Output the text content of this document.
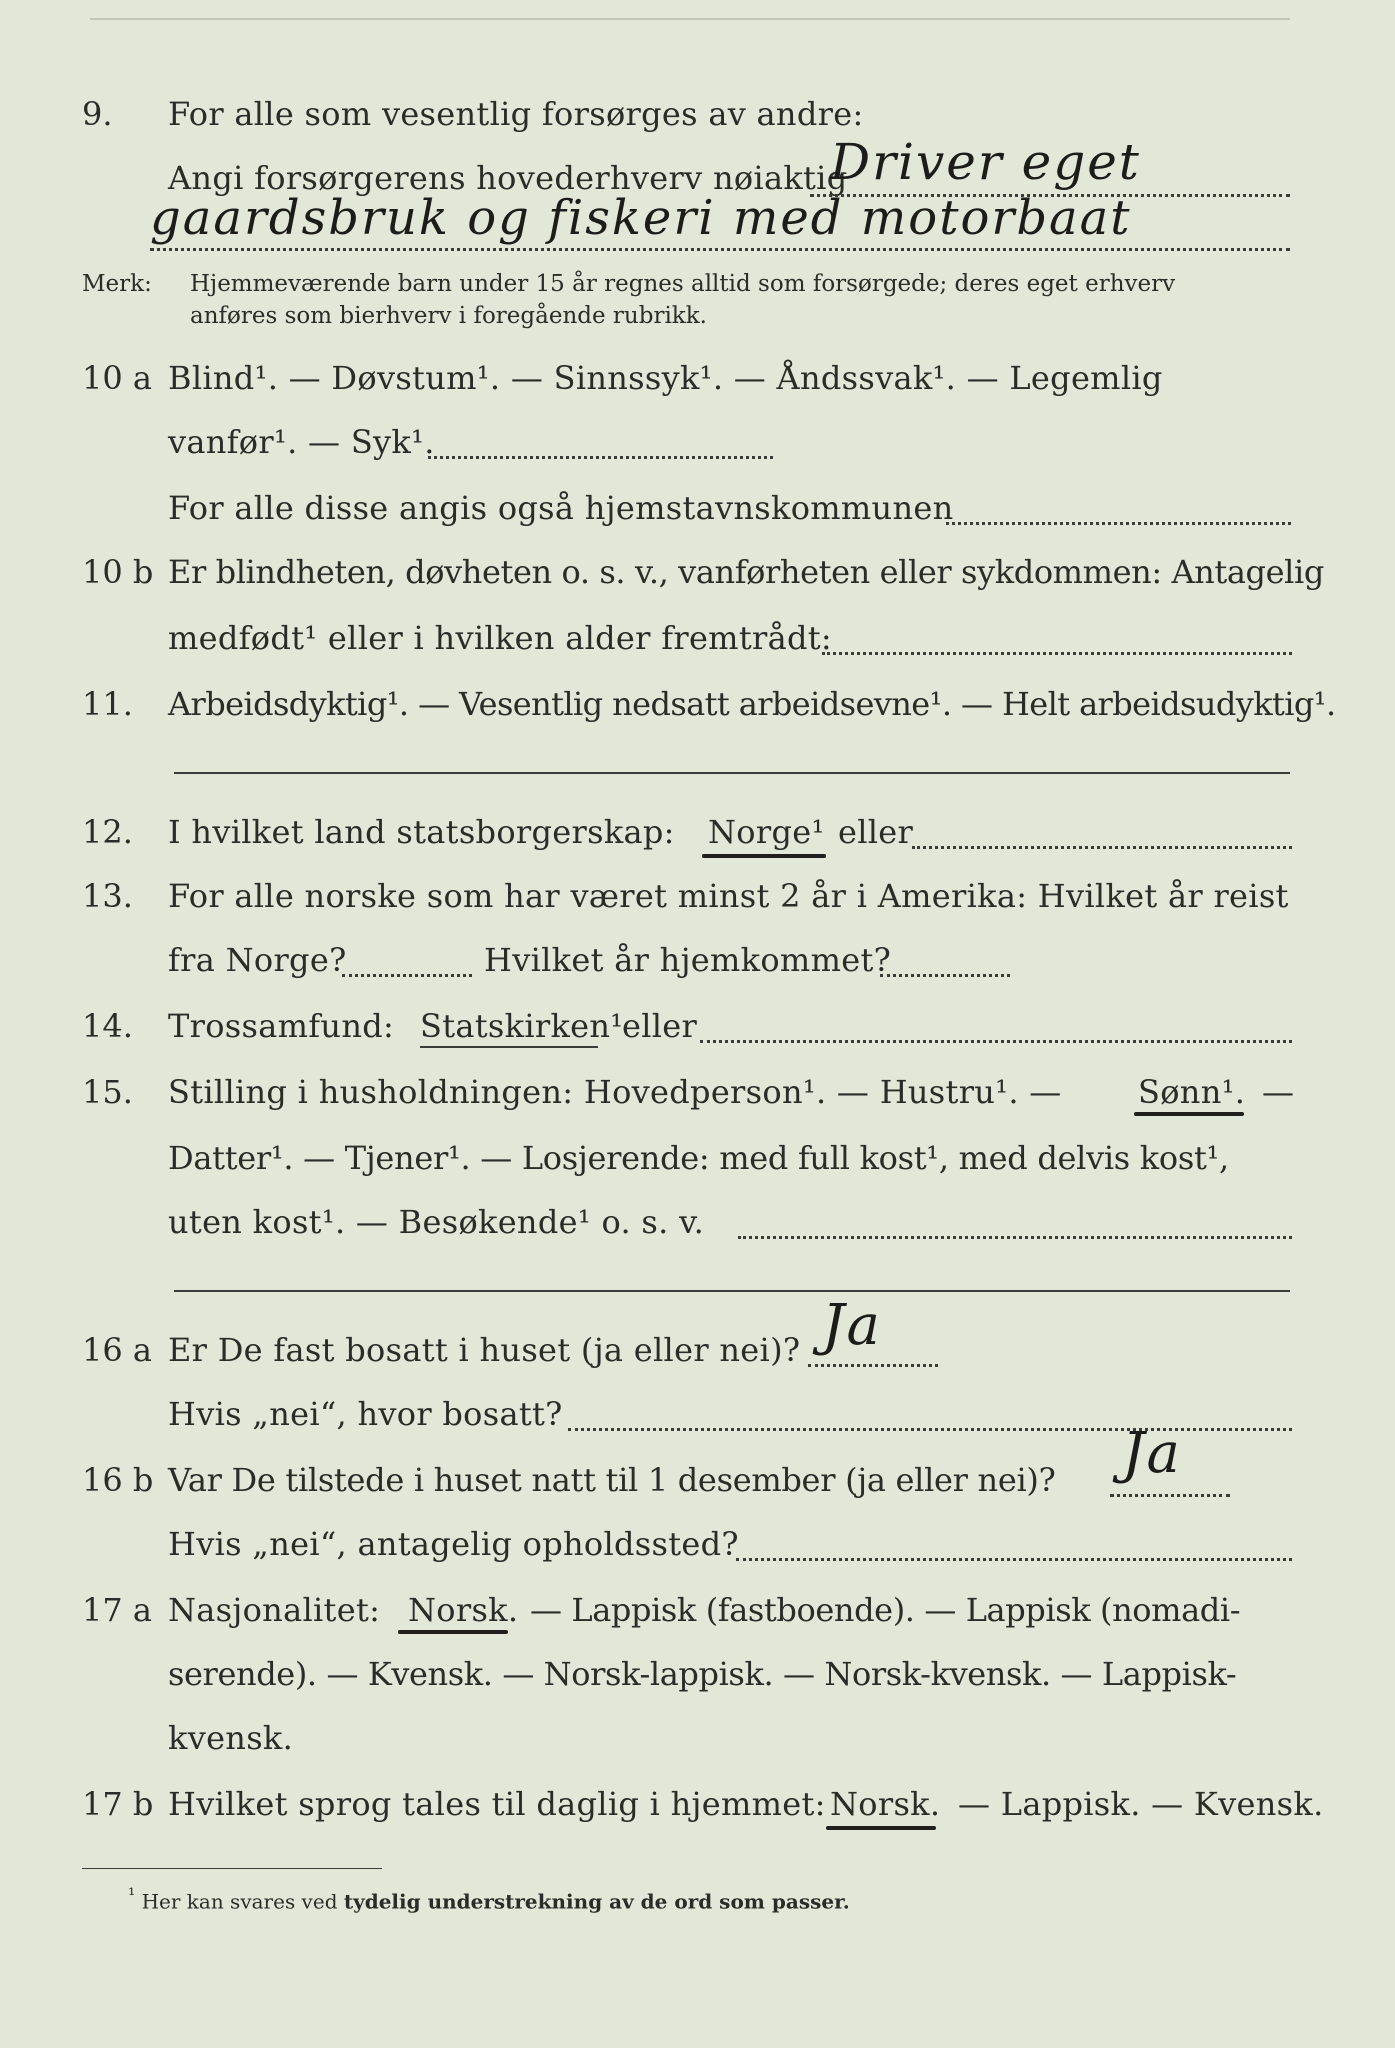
9. For alle som vesentlig forsørges av andre:
Angi forsørgerens hovederhverv nøiaktig
Driver eget
gaardsbruk og fiskeri med motorbaat
Merk: Hjemmeværende barn under 15 år regnes alltid som forsørgede; deres eget erhverv
anføres som bierhverv i foregående rubrikk.
10 a Blind¹. — Døvstum¹. — Sinnssyk¹. — Åndssvak¹. — Legemlig
vanfør¹. — Syk¹.
For alle disse angis også hjemstavnskommunen
10 b Er blindheten, døvheten o. s. v., vanførheten eller sykdommen: Antagelig
medfødt¹ eller i hvilken alder fremtrådt:
11. Arbeidsdyktig¹. — Vesentlig nedsatt arbeidsevne¹. — Helt arbeidsudyktig¹.
12. I hvilket land statsborgerskap: Norge¹ eller
13. For alle norske som har været minst 2 år i Amerika: Hvilket år reist
fra Norge?	Hvilket år hjemkommet?
14. Trossamfund: Statskirken¹
eller
15. Stilling i husholdningen: Hovedperson¹. — Hustru¹. — Sønn¹. —
Datter¹. — Tjener¹. — Losjerende: med full kost¹, med delvis kost¹,
uten kost¹. — Besøkende¹ o. s. v.
16 a Er De fast bosatt i huset (ja eller nei)? Ja
Hvis „nei“, hvor bosatt?
16 b Var De tilstede i huset natt til 1 desember (ja eller nei)? Ja
Hvis „nei“, antagelig opholdssted?
17 a Nasjonalitet: Norsk. — Lappisk (fastboende). — Lappisk (nomadi-
serende). — Kvensk. — Norsk-lappisk. — Norsk-kvensk. — Lappisk-
kvensk.
17 b Hvilket sprog tales til daglig i hjemmet: Norsk. — Lappisk. — Kvensk.
¹ Her kan svares ved tydelig understrekning av de ord som passer.
